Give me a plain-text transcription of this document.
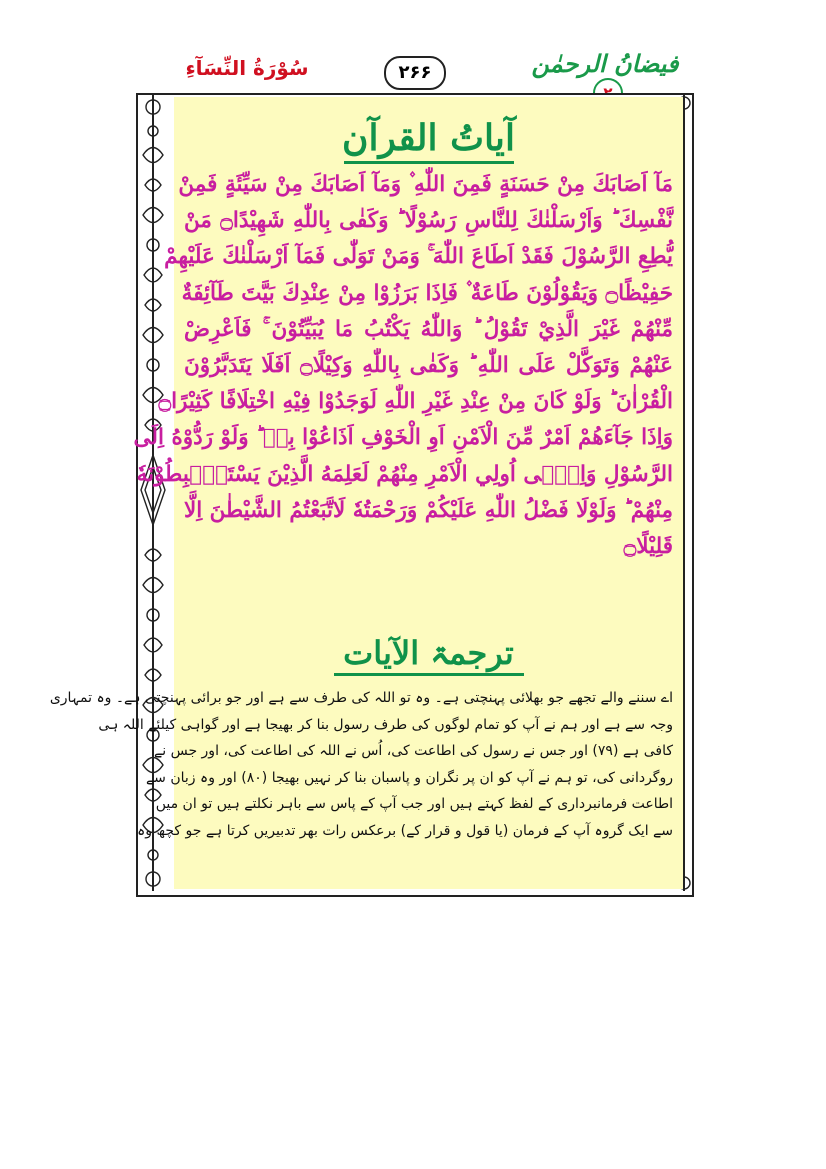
سُوْرَةُ النِّسَآءِ	۲۶۶	فیضانُ الرحمٰن
آیاتُ القرآن

مَآ اَصَابَكَ مِنْ حَسَنَةٍ فَمِنَ اللّٰهِ ۫ وَمَآ اَصَابَكَ مِنْ سَيِّئَةٍ فَمِنْ

نَّفْسِكَ ؕ وَاَرْسَلْنٰكَ لِلنَّاسِ رَسُوْلًا ؕ وَكَفٰى بِاللّٰهِ شَهِيْدًا۝ مَنْ

يُّطِعِ الرَّسُوْلَ فَقَدْ اَطَاعَ اللّٰهَ ۚ وَمَنْ تَوَلّٰى فَمَآ اَرْسَلْنٰكَ عَلَيْهِمْ

حَفِيْظًا۝ وَيَقُوْلُوْنَ طَاعَةٌ ۫ فَاِذَا بَرَزُوْا مِنْ عِنْدِكَ بَيَّتَ طَآئِفَةٌ

مِّنْهُمْ غَيْرَ الَّذِيْ تَقُوْلُ ؕ وَاللّٰهُ يَكْتُبُ مَا يُبَيِّتُوْنَ ۚ فَاَعْرِضْ

عَنْهُمْ وَتَوَكَّلْ عَلَى اللّٰهِ ؕ وَكَفٰى بِاللّٰهِ وَكِيْلًا۝ اَفَلَا يَتَدَبَّرُوْنَ

الْقُرْاٰنَ ؕ وَلَوْ كَانَ مِنْ عِنْدِ غَيْرِ اللّٰهِ لَوَجَدُوْا فِيْهِ اخْتِلَافًا كَثِيْرًا۝

وَاِذَا جَآءَهُمْ اَمْرٌ مِّنَ الْاَمْنِ اَوِ الْخَوْفِ اَذَاعُوْا بِهٖ ؕ وَلَوْ رَدُّوْهُ اِلَى

الرَّسُوْلِ وَاِلٰۤى اُولِي الْاَمْرِ مِنْهُمْ لَعَلِمَهُ الَّذِيْنَ يَسْتَنْۢبِطُوْنَهٗ

مِنْهُمْ ؕ وَلَوْلَا فَضْلُ اللّٰهِ عَلَيْكُمْ وَرَحْمَتُهٗ لَاتَّبَعْتُمُ الشَّيْطٰنَ اِلَّا

قَلِيْلًا۝

ترجمۃ الآیات

اے سننے والے تجھے جو بھلائی پہنچتی ہے۔ وہ تو اللہ کی طرف سے ہے اور جو برائی پہنچتی ہے۔ وہ تمہاری

وجہ سے ہے اور ہم نے آپ کو تمام لوگوں کی طرف رسول بنا کر بھیجا ہے اور گواہی کیلئے اللہ ہی

کافی ہے (۷۹) اور جس نے رسول کی اطاعت کی، اُس نے اللہ کی اطاعت کی، اور جس نے

روگردانی کی، تو ہم نے آپ کو ان پر نگران و پاسبان بنا کر نہیں بھیجا (۸۰) اور وہ زبان سے

اطاعت فرمانبرداری کے لفظ کہتے ہیں اور جب آپ کے پاس سے باہر نکلتے ہیں تو ان میں

سے ایک گروہ آپ کے فرمان (یا قول و قرار کے) برعکس رات بھر تدبیریں کرتا ہے جو کچھ وہ
